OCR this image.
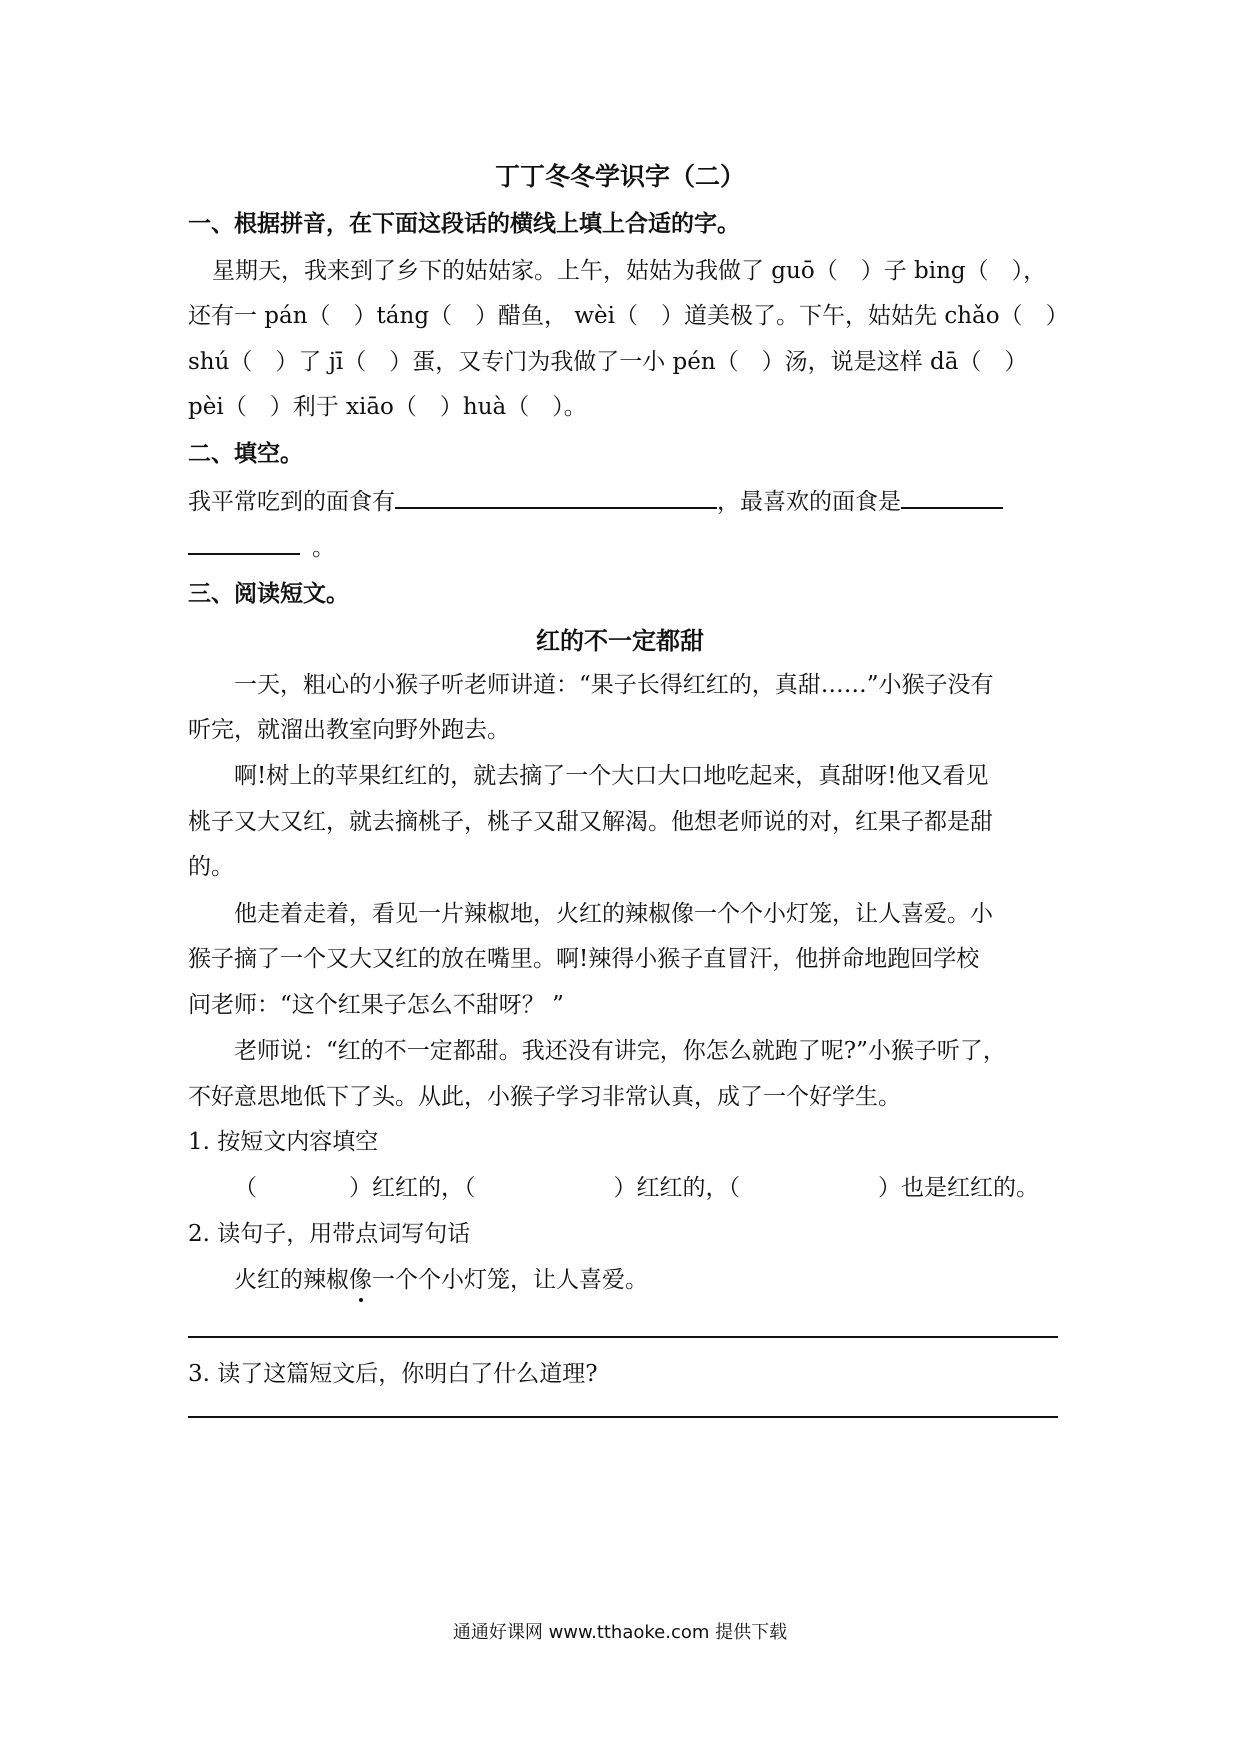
丁丁冬冬学识字（二）
一、根据拼音，在下面这段话的横线上填上合适的字。
星期天，我来到了乡下的姑姑家。上午，姑姑为我做了 guō（　）子 bing（　），
还有一 pán（　）táng（　）醋鱼， wèi（　）道美极了。下午，姑姑先 chǎo（　）
shú（　）了 jī（　）蛋，又专门为我做了一小 pén（　）汤，说是这样 dā（　）
pèi（　）利于 xiāo（　）huà（　）。
二、填空。
我平常吃到的面食有	，最喜欢的面食是
。
三、阅读短文。
红的不一定都甜
一天，粗心的小猴子听老师讲道：“果子长得红红的，真甜……”小猴子没有
听完，就溜出教室向野外跑去。
啊!树上的苹果红红的，就去摘了一个大口大口地吃起来，真甜呀!他又看见
桃子又大又红，就去摘桃子，桃子又甜又解渴。他想老师说的对，红果子都是甜
的。
他走着走着，看见一片辣椒地，火红的辣椒像一个个小灯笼，让人喜爱。小
猴子摘了一个又大又红的放在嘴里。啊!辣得小猴子直冒汗，他拼命地跑回学校
问老师：“这个红果子怎么不甜呀？ ”
老师说：“红的不一定都甜。我还没有讲完，你怎么就跑了呢?”小猴子听了，
不好意思地低下了头。从此，小猴子学习非常认真，成了一个好学生。
1. 按短文内容填空
（　　　　）红红的，（　　　　　　）红红的，（　　　　　　）也是红红的。
2. 读句子，用带点词写句话
火红的辣椒像一个个小灯笼，让人喜爱。
3. 读了这篇短文后，你明白了什么道理?
通通好课网 www.tthaoke.com 提供下载
